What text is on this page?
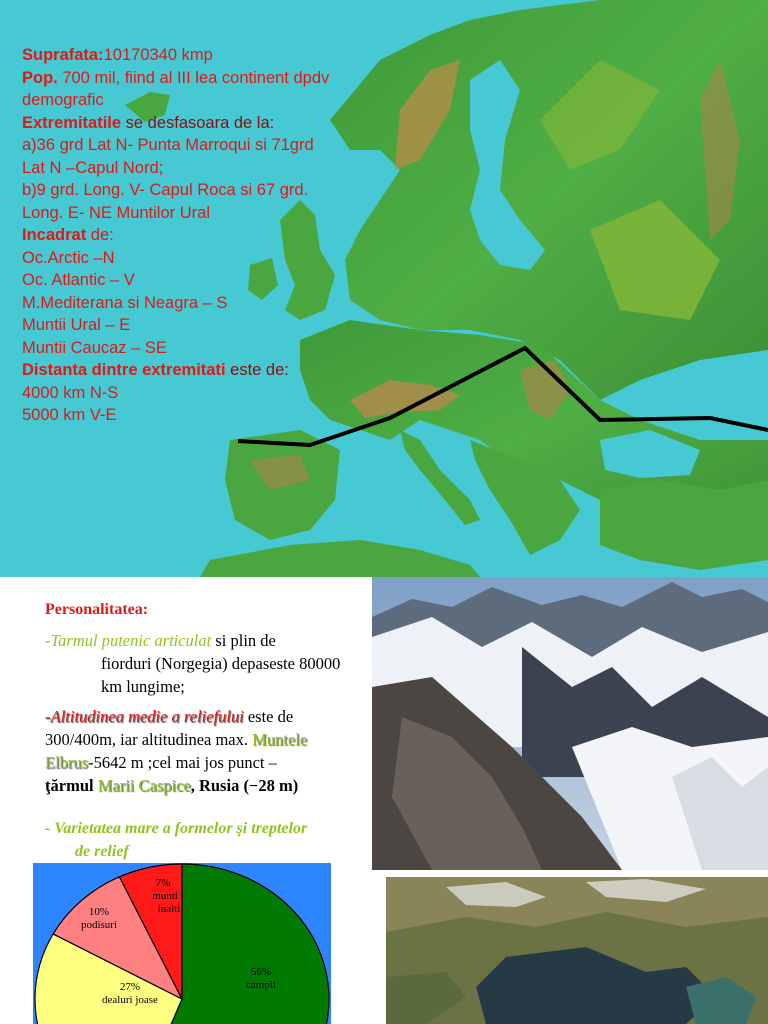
Suprafata:10170340 kmp
Pop. 700 mil, fiind al III lea continent dpdv
demografic
Extremitatile se desfasoara de la:
a)36 grd Lat N- Punta Marroqui si 71grd
Lat N –Capul Nord;
b)9 grd. Long. V- Capul Roca si 67 grd.
Long. E- NE Muntilor Ural
Incadrat de:
Oc.Arctic –N
Oc. Atlantic – V
M.Mediterana si Neagra – S
Muntii Ural – E
Muntii Caucaz – SE
Distanta dintre extremitati este de:
4000 km N-S
5000 km V-E
Personalitatea:
-Tarmul putenic articulat si plin de
fiorduri (Norgegia) depaseste 80000
km lungime;
-Altitudinea medie a reliefului este de
300/400m, iar altitudinea max. Muntele
Elbrus-5642 m ;cel mai jos punct –
ţărmul Marii Caspice, Rusia (−28 m)
- Varietatea mare a formelor şi treptelor
de relief
56% campii
27% dealuri joase
10% podisuri
7% munti inalti
